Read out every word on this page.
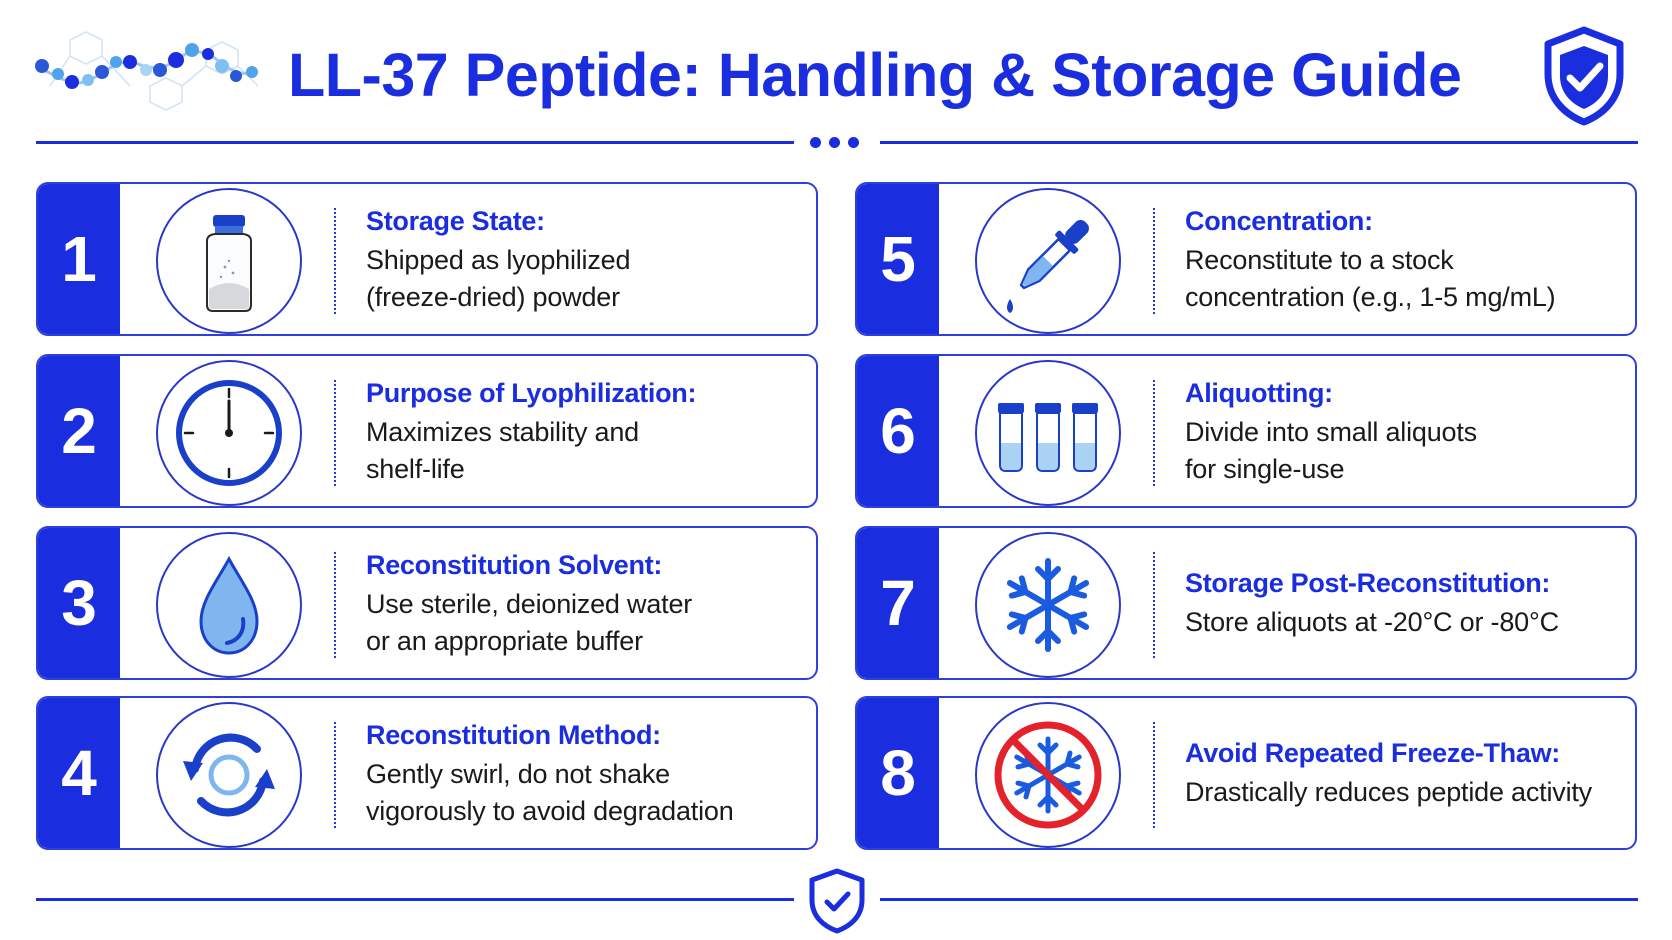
LL-37 Peptide: Handling & Storage Guide
1
Storage State:
Shipped as lyophilized
(freeze-dried) powder
2
Purpose of Lyophilization:
Maximizes stability and
shelf-life
3
Reconstitution Solvent:
Use sterile, deionized water
or an appropriate buffer
4
Reconstitution Method:
Gently swirl, do not shake
vigorously to avoid degradation
5
Concentration:
Reconstitute to a stock
concentration (e.g., 1-5 mg/mL)
6
Aliquotting:
Divide into small aliquots
for single-use
7	Storage Post-Reconstitution:
Store aliquots at -20°C or -80°C
8	Avoid Repeated Freeze-Thaw:
Drastically reduces peptide activity
